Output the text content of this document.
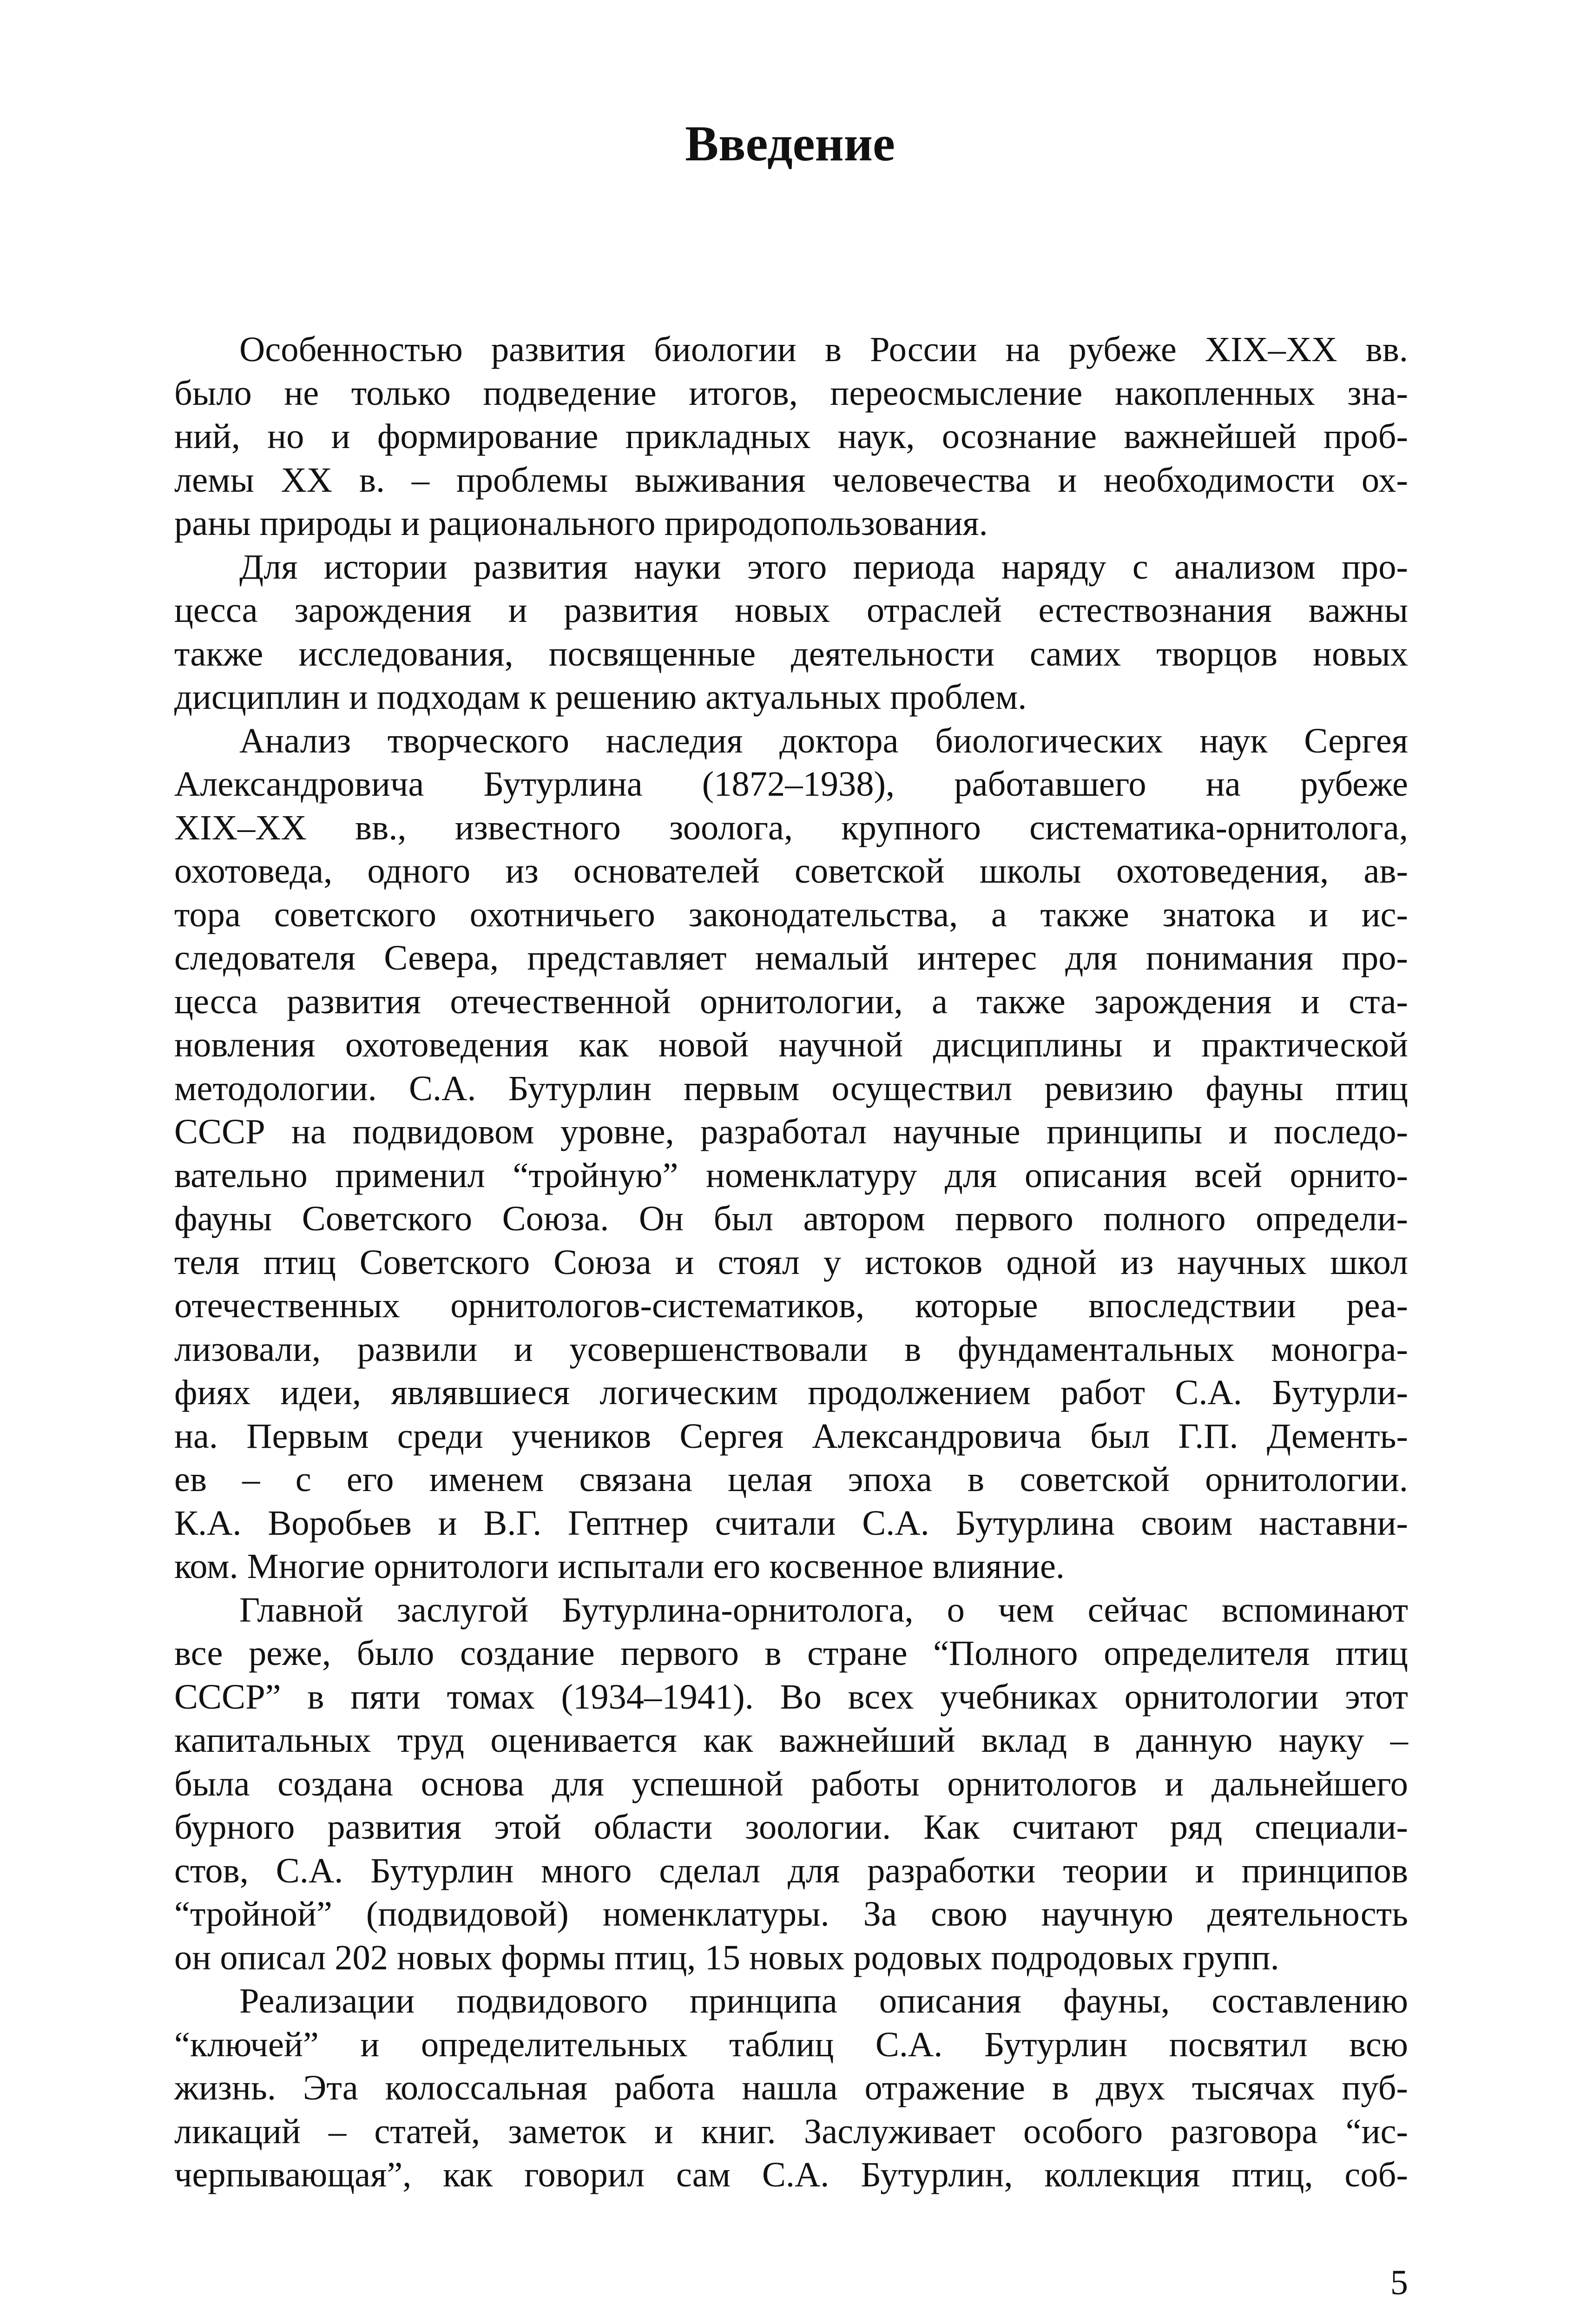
Введение

Особенностью развития биологии в России на рубеже XIX–XX вв.
было не только подведение итогов, переосмысление накопленных зна-
ний, но и формирование прикладных наук, осознание важнейшей проб-
лемы XX в. – проблемы выживания человечества и необходимости ох-
раны природы и рационального природопользования.

Для истории развития науки этого периода наряду с анализом про-
цесса зарождения и развития новых отраслей естествознания важны
также исследования, посвященные деятельности самих творцов новых
дисциплин и подходам к решению актуальных проблем.

Анализ творческого наследия доктора биологических наук Сергея
Александровича Бутурлина (1872–1938), работавшего на рубеже
XIX–XX вв., известного зоолога, крупного систематика-орнитолога,
охотоведа, одного из основателей советской школы охотоведения, ав-
тора советского охотничьего законодательства, а также знатока и ис-
следователя Севера, представляет немалый интерес для понимания про-
цесса развития отечественной орнитологии, а также зарождения и ста-
новления охотоведения как новой научной дисциплины и практической
методологии. С.А. Бутурлин первым осуществил ревизию фауны птиц
СССР на подвидовом уровне, разработал научные принципы и последо-
вательно применил “тройную” номенклатуру для описания всей орнито-
фауны Советского Союза. Он был автором первого полного определи-
теля птиц Советского Союза и стоял у истоков одной из научных школ
отечественных орнитологов-систематиков, которые впоследствии реа-
лизовали, развили и усовершенствовали в фундаментальных моногра-
фиях идеи, являвшиеся логическим продолжением работ С.А. Бутурли-
на. Первым среди учеников Сергея Александровича был Г.П. Дементь-
ев – с его именем связана целая эпоха в советской орнитологии.
К.А. Воробьев и В.Г. Гептнер считали С.А. Бутурлина своим наставни-
ком. Многие орнитологи испытали его косвенное влияние.

Главной заслугой Бутурлина-орнитолога, о чем сейчас вспоминают
все реже, было создание первого в стране “Полного определителя птиц
СССР” в пяти томах (1934–1941). Во всех учебниках орнитологии этот
капитальных труд оценивается как важнейший вклад в данную науку –
была создана основа для успешной работы орнитологов и дальнейшего
бурного развития этой области зоологии. Как считают ряд специали-
стов, С.А. Бутурлин много сделал для разработки теории и принципов
“тройной” (подвидовой) номенклатуры. За свою научную деятельность
он описал 202 новых формы птиц, 15 новых родовых подродовых групп.

Реализации подвидового принципа описания фауны, составлению
“ключей” и определительных таблиц С.А. Бутурлин посвятил всю
жизнь. Эта колоссальная работа нашла отражение в двух тысячах пуб-
ликаций – статей, заметок и книг. Заслуживает особого разговора “ис-
черпывающая”, как говорил сам С.А. Бутурлин, коллекция птиц, соб-

5
